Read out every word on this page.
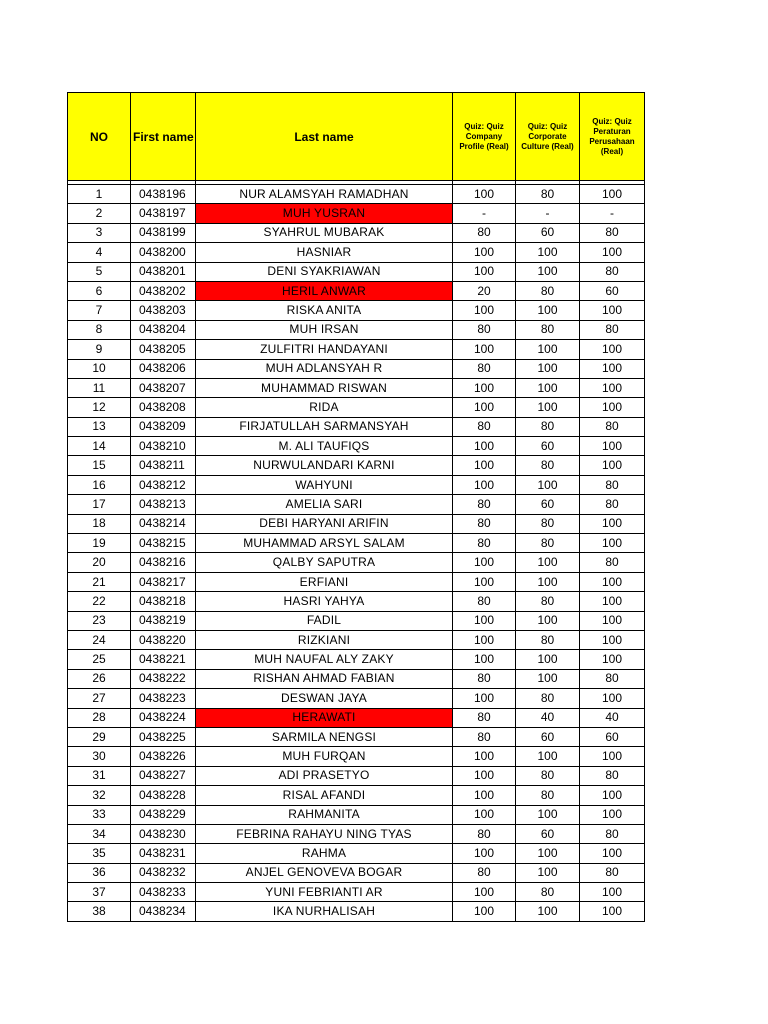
NO	First name	Last name	Quiz: Quiz Company Profile (Real)	Quiz: Quiz Corporate Culture (Real)	Quiz: Quiz Peraturan Perusahaan (Real)

1	0438196	NUR ALAMSYAH RAMADHAN	100	80	100
2	0438197	MUH YUSRAN	-	-	-
3	0438199	SYAHRUL MUBARAK	80	60	80
4	0438200	HASNIAR	100	100	100
5	0438201	DENI SYAKRIAWAN	100	100	80
6	0438202	HERIL ANWAR	20	80	60
7	0438203	RISKA ANITA	100	100	100
8	0438204	MUH IRSAN	80	80	80
9	0438205	ZULFITRI HANDAYANI	100	100	100
10	0438206	MUH ADLANSYAH R	80	100	100
11	0438207	MUHAMMAD RISWAN	100	100	100
12	0438208	RIDA	100	100	100
13	0438209	FIRJATULLAH SARMANSYAH	80	80	80
14	0438210	M. ALI TAUFIQS	100	60	100
15	0438211	NURWULANDARI KARNI	100	80	100
16	0438212	WAHYUNI	100	100	80
17	0438213	AMELIA SARI	80	60	80
18	0438214	DEBI HARYANI ARIFIN	80	80	100
19	0438215	MUHAMMAD ARSYL SALAM	80	80	100
20	0438216	QALBY SAPUTRA	100	100	80
21	0438217	ERFIANI	100	100	100
22	0438218	HASRI YAHYA	80	80	100
23	0438219	FADIL	100	100	100
24	0438220	RIZKIANI	100	80	100
25	0438221	MUH NAUFAL ALY ZAKY	100	100	100
26	0438222	RISHAN AHMAD FABIAN	80	100	80
27	0438223	DESWAN JAYA	100	80	100
28	0438224	HERAWATI	80	40	40
29	0438225	SARMILA NENGSI	80	60	60
30	0438226	MUH FURQAN	100	100	100
31	0438227	ADI PRASETYO	100	80	80
32	0438228	RISAL AFANDI	100	80	100
33	0438229	RAHMANITA	100	100	100
34	0438230	FEBRINA RAHAYU NING TYAS	80	60	80
35	0438231	RAHMA	100	100	100
36	0438232	ANJEL GENOVEVA BOGAR	80	100	80
37	0438233	YUNI FEBRIANTI AR	100	80	100
38	0438234	IKA NURHALISAH	100	100	100
